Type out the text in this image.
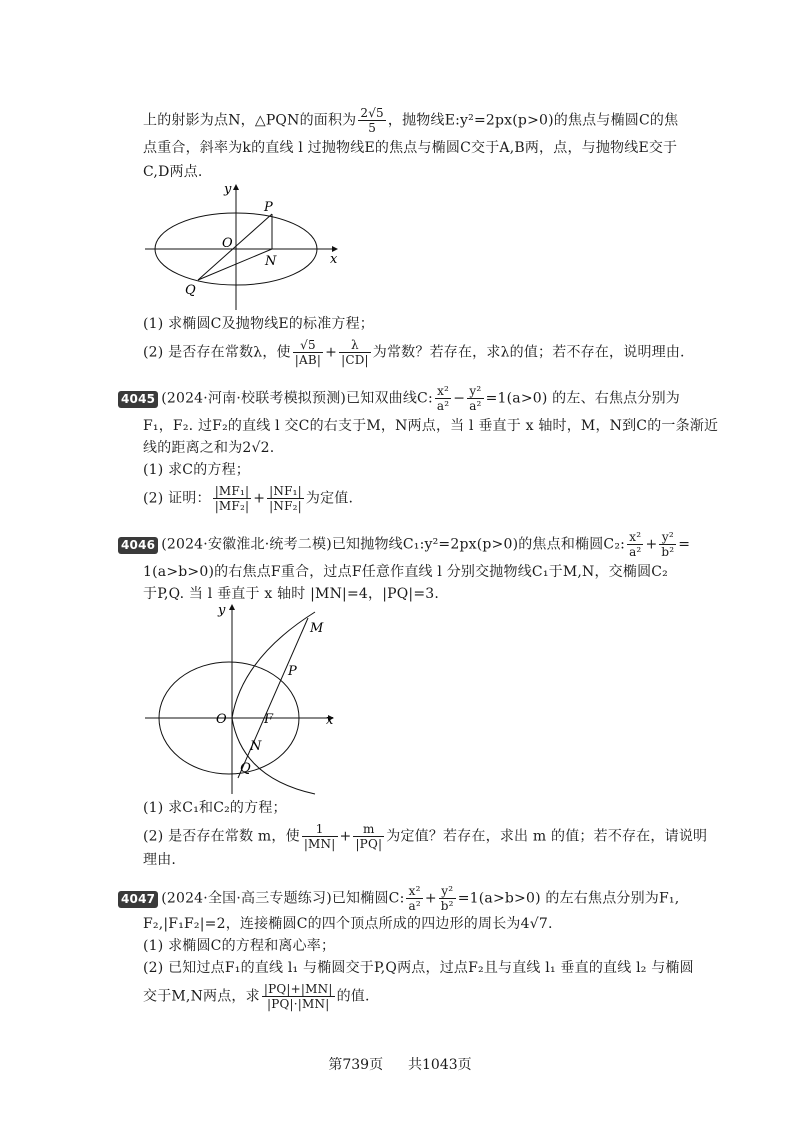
上的射影为点N，△PQN的面积为 $\frac{2√5}{5}$ ，抛物线E:y²=2px(p>0)的焦点与椭圆C的焦
点重合，斜率为k的直线 l 过抛物线E的焦点与椭圆C交于A,B两，点，与抛物线E交于
C,D两点.
y
x
P
O
N
Q
(1) 求椭圆C及抛物线E的标准方程；
(2) 是否存在常数λ，使 $\frac{√5}{|AB|} + \frac{\lambda}{|CD|}$ 为常数？若存在，求λ的值；若不存在，说明理由.
4045 (2024·河南·校联考模拟预测)已知双曲线C: $\frac{\text{x²}}{\text{a²}} - \frac{\text{y²}}{\text{a²}} =1(a>0)$ 的左、右焦点分别为
F₁，F₂. 过F₂的直线 l 交C的右支于M，N两点，当 l 垂直于 x 轴时，M，N到C的一条渐近
线的距离之和为2√2.
(1) 求C的方程；
(2) 证明： $\frac{\text{|MF₁|}}{\text{|MF₂|}} + \frac{\text{|NF₁|}}{\text{|NF₂|}}$ 为定值.
4046 (2024·安徽淮北·统考二模)已知抛物线C₁:y²=2px(p>0)的焦点和椭圆C₂: $\frac{\text{x²}}{\text{a²}} + \frac{\text{y²}}{\text{b²}}$ =
1(a>b>0)的右焦点F重合，过点F任意作直线 l 分别交抛物线C₁于M,N，交椭圆C₂
于P,Q. 当 l 垂直于 x 轴时 |MN|=4，|PQ|=3.
y
x
M
P
O	F
N
Q
(1) 求C₁和C₂的方程；
(2) 是否存在常数 m，使 $\frac{1}{|MN|} + \frac{m}{|PQ|}$ 为定值？若存在，求出 m 的值；若不存在，请说明
理由.
4047 (2024·全国·高三专题练习)已知椭圆C: $\frac{\text{x²}}{\text{a²}} + \frac{\text{y²}}{\text{b²}} =1(a>b>0)$ 的左右焦点分别为F₁,
F₂,|F₁F₂|=2，连接椭圆C的四个顶点所成的四边形的周长为4√7.
(1) 求椭圆C的方程和离心率；
(2) 已知过点F₁的直线 l₁ 与椭圆交于P,Q两点，过点F₂且与直线 l₁ 垂直的直线 l₂ 与椭圆
交于M,N两点，求 $\frac{|PQ|+|MN|}{|PQ|\cdot|MN|}$ 的值.
第739页 共1043页
